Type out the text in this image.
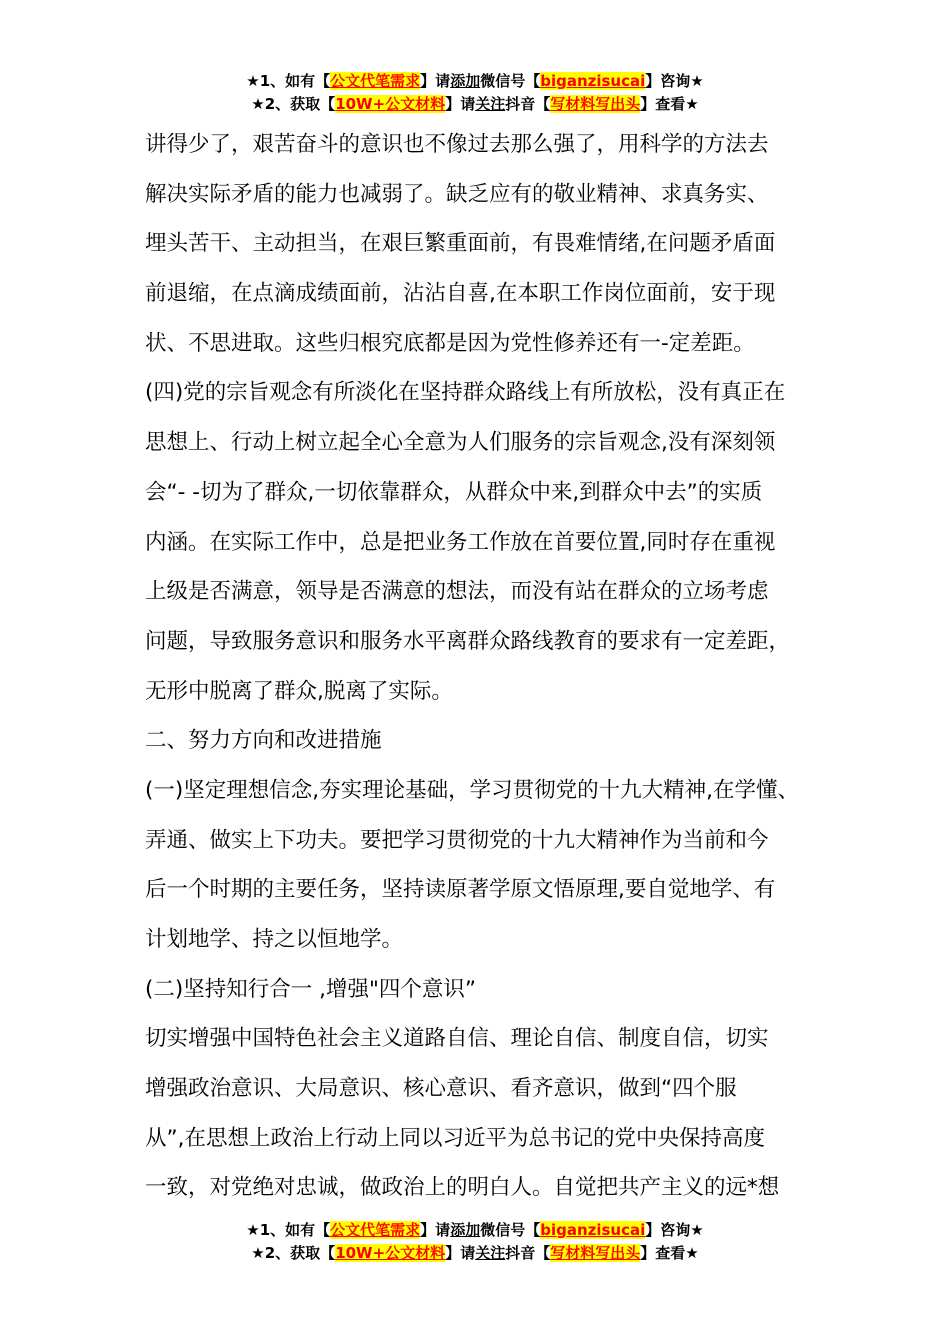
★1、如有【公文代笔需求】请添加微信号【biganzisucai】咨询★
★2、获取【10W+公文材料】请关注抖音【写材料写出头】查看★
讲得少了，艰苦奋斗的意识也不像过去那么强了，用科学的方法去
解决实际矛盾的能力也减弱了。缺乏应有的敬业精神、求真务实、
埋头苦干、主动担当，在艰巨繁重面前，有畏难情绪,在问题矛盾面
前退缩，在点滴成绩面前，沾沾自喜,在本职工作岗位面前，安于现
状、不思进取。这些归根究底都是因为党性修养还有一-定差距。
(四)党的宗旨观念有所淡化在坚持群众路线上有所放松，没有真正在
思想上、行动上树立起全心全意为人们服务的宗旨观念,没有深刻领
会“- -切为了群众,一切依靠群众，从群众中来,到群众中去”的实质
内涵。在实际工作中，总是把业务工作放在首要位置,同时存在重视
上级是否满意，领导是否满意的想法，而没有站在群众的立场考虑
问题，导致服务意识和服务水平离群众路线教育的要求有一定差距，
无形中脱离了群众,脱离了实际。
二、努力方向和改进措施
(一)坚定理想信念,夯实理论基础，学习贯彻党的十九大精神,在学懂、
弄通、做实上下功夫。要把学习贯彻党的十九大精神作为当前和今
后一个时期的主要任务，坚持读原著学原文悟原理,要自觉地学、有
计划地学、持之以恒地学。
(二)坚持知行合一 ,增强"四个意识”
切实增强中国特色社会主义道路自信、理论自信、制度自信，切实
增强政治意识、大局意识、核心意识、看齐意识，做到“四个服
从”,在思想上政治上行动上同以习近平为总书记的党中央保持高度
一致，对党绝对忠诚，做政治上的明白人。自觉把共产主义的远*想
★1、如有【公文代笔需求】请添加微信号【biganzisucai】咨询★
★2、获取【10W+公文材料】请关注抖音【写材料写出头】查看★
